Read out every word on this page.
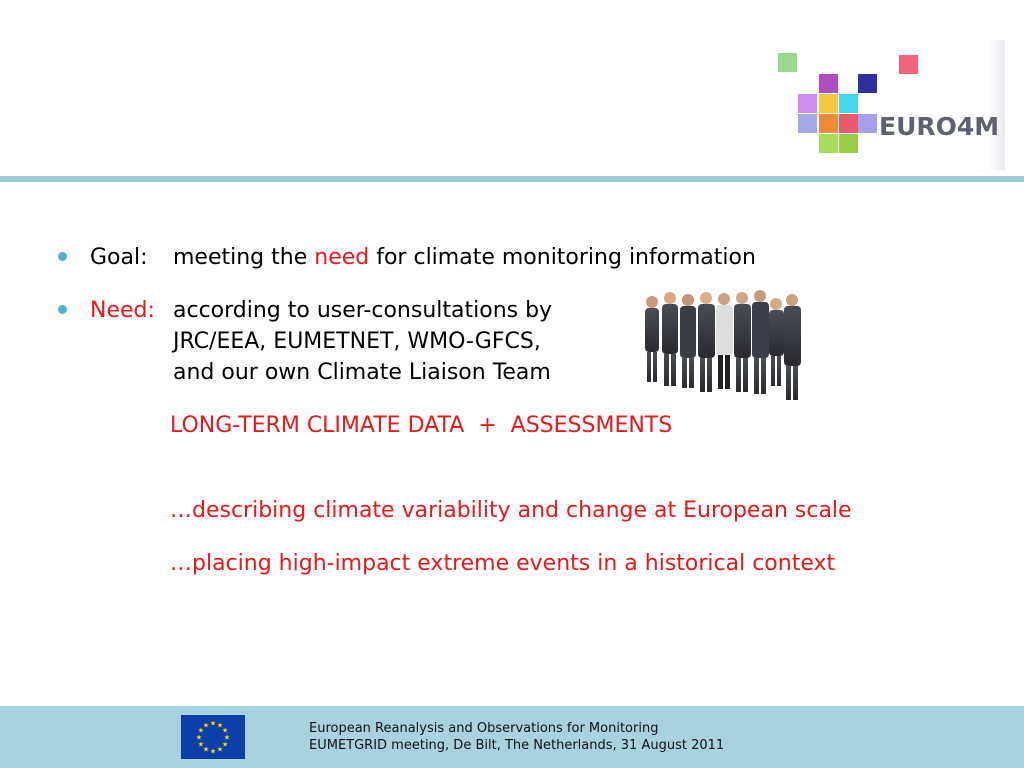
EURO4M
Goal: meeting the need for climate monitoring information
Need: according to user-consultations by
JRC/EEA, EUMETNET, WMO-GFCS,
and our own Climate Liaison Team
LONG-TERM CLIMATE DATA  +  ASSESSMENTS
…describing climate variability and change at European scale
…placing high-impact extreme events in a historical context
★ ★
★
★
★
★
★
★
★
★
★
★	European Reanalysis and Observations for Monitoring
EUMETGRID meeting, De Bilt, The Netherlands, 31 August 2011
